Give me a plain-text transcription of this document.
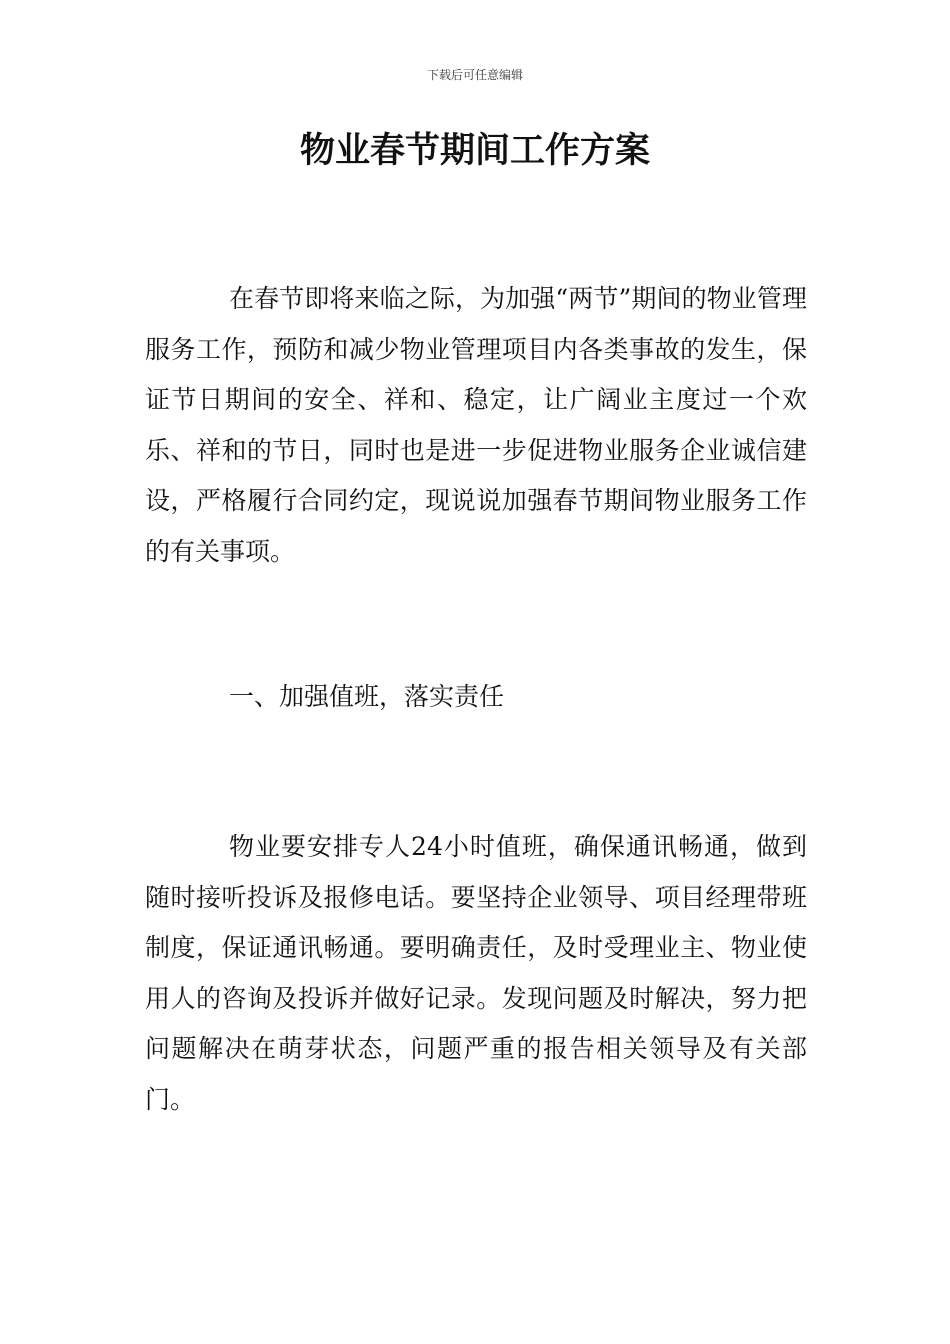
下载后可任意编辑
物业春节期间工作方案

在春节即将来临之际，为加强“两节”期间的物业管理服务工作，预防和减少物业管理项目内各类事故的发生，保证节日期间的安全、祥和、稳定，让广阔业主度过一个欢乐、祥和的节日，同时也是进一步促进物业服务企业诚信建设，严格履行合同约定，现说说加强春节期间物业服务工作的有关事项。

一、加强值班，落实责任

物业要安排专人24小时值班，确保通讯畅通，做到随时接听投诉及报修电话。要坚持企业领导、项目经理带班制度，保证通讯畅通。要明确责任，及时受理业主、物业使用人的咨询及投诉并做好记录。发现问题及时解决，努力把问题解决在萌芽状态，问题严重的报告相关领导及有关部门。
